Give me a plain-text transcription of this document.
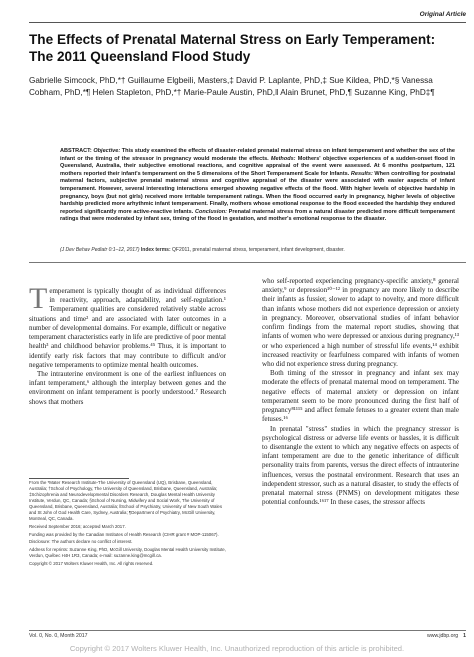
Original Article
The Effects of Prenatal Maternal Stress on Early Temperament: The 2011 Queensland Flood Study
Gabrielle Simcock, PhD,*† Guillaume Elgbeili, Masters,‡ David P. Laplante, PhD,‡ Sue Kildea, PhD,*§ Vanessa Cobham, PhD,*¶ Helen Stapleton, PhD,*† Marie-Paule Austin, PhD,‖ Alain Brunet, PhD,¶ Suzanne King, PhD‡¶
ABSTRACT: Objective: This study examined the effects of disaster-related prenatal maternal stress on infant temperament and whether the sex of the infant or the timing of the stressor in pregnancy would moderate the effects. Methods: Mothers' objective experiences of a sudden-onset flood in Queensland, Australia, their subjective emotional reactions, and cognitive appraisal of the event were assessed. At 6 months postpartum, 121 mothers reported their infant's temperament on the 5 dimensions of the Short Temperament Scale for Infants. Results: When controlling for postnatal maternal factors, subjective prenatal maternal stress and cognitive appraisal of the disaster were associated with easier aspects of infant temperament. However, several interesting interactions emerged showing negative effects of the flood. With higher levels of objective hardship in pregnancy, boys (but not girls) received more irritable temperament ratings. When the flood occurred early in pregnancy, higher levels of objective hardship predicted more arhythmic infant temperament. Finally, mothers whose emotional response to the flood exceeded the hardship they endured reported significantly more active-reactive infants. Conclusion: Prenatal maternal stress from a natural disaster predicted more difficult temperament ratings that were moderated by infant sex, timing of the flood in gestation, and mother's emotional response to the disaster.
(J Dev Behav Pediatr 0:1–12, 2017) Index terms: QF2011, prenatal maternal stress, temperament, infant development, disaster.

Temperament is typically thought of as individual differences in reactivity, approach, adaptability, and self-regulation.¹ Temperament qualities are considered relatively stable across situations and time² and are associated with later outcomes in a number of developmental domains. For example, difficult or negative temperament characteristics early in life are predictive of poor mental health³ and childhood behavior problems.⁴⁵ Thus, it is important to identify early risk factors that may contribute to difficult and/or negative temperaments to optimize mental health outcomes.

The intrauterine environment is one of the earliest influences on infant temperament,⁶ although the interplay between genes and the environment on infant temperament is poorly understood.⁷ Research shows that mothers

From the *Mater Research Institute-The University of Queensland (UQ), Brisbane, Queensland, Australia; †School of Psychology, The University of Queensland, Brisbane, Queensland, Australia; ‡Schizophrenia and Neurodevelopmental Disorders Research, Douglas Mental Health University Institute, Verdun, QC, Canada; §School of Nursing, Midwifery and Social Work, The University of Queensland, Brisbane, Queensland, Australia; ‖School of Psychiatry, University of New South Wales and St John of God Health Care, Sydney, Australia; ¶Department of Psychiatry, McGill University, Montreal, QC, Canada.

Received September 2016; accepted March 2017.

Funding was provided by the Canadian Institutes of Health Research (CIHR grant # MOP-115067).

Disclosure: The authors declare no conflict of interest.

Address for reprints: Suzanne King, PhD, McGill University, Douglas Mental Health University Institute, Verdun, Québec H4H 1R3, Canada; e-mail: suzanne.king@mcgill.ca.

Copyright © 2017 Wolters Kluwer Health, Inc. All rights reserved.

who self-reported experiencing pregnancy-specific anxiety,⁸ general anxiety,⁹ or depression¹⁰⁻¹² in pregnancy are more likely to describe their infants as fussier, slower to adapt to novelty, and more difficult than infants whose mothers did not experience depression or anxiety in pregnancy. Moreover, observational studies of infant behavior confirm findings from the maternal report studies, showing that infants of women who were depressed or anxious during pregnancy,¹³ or who experienced a high number of stressful life events,¹⁴ exhibit increased reactivity or fearfulness compared with infants of women who did not experience stress during pregnancy.

Both timing of the stressor in pregnancy and infant sex may moderate the effects of prenatal maternal mood on temperament. The negative effects of maternal anxiety or depression on infant temperament seem to be more pronounced during the first half of pregnancy⁸¹¹¹⁵ and affect female fetuses to a greater extent than male fetuses.¹⁶

In prenatal "stress" studies in which the pregnancy stressor is psychological distress or adverse life events or hassles, it is difficult to disentangle the extent to which any negative effects on aspects of infant temperament are due to the genetic inheritance of difficult personality traits from parents, versus the direct effects of intrauterine influences, versus the postnatal environment. Research that uses an independent stressor, such as a natural disaster, to study the effects of prenatal maternal stress (PNMS) on development mitigates these potential confounds.¹⁶¹⁷ In these cases, the stressor affects

Vol. 0, No. 0, Month 2017	www.jdbp.org 1
Copyright © 2017 Wolters Kluwer Health, Inc. Unauthorized reproduction of this article is prohibited.
